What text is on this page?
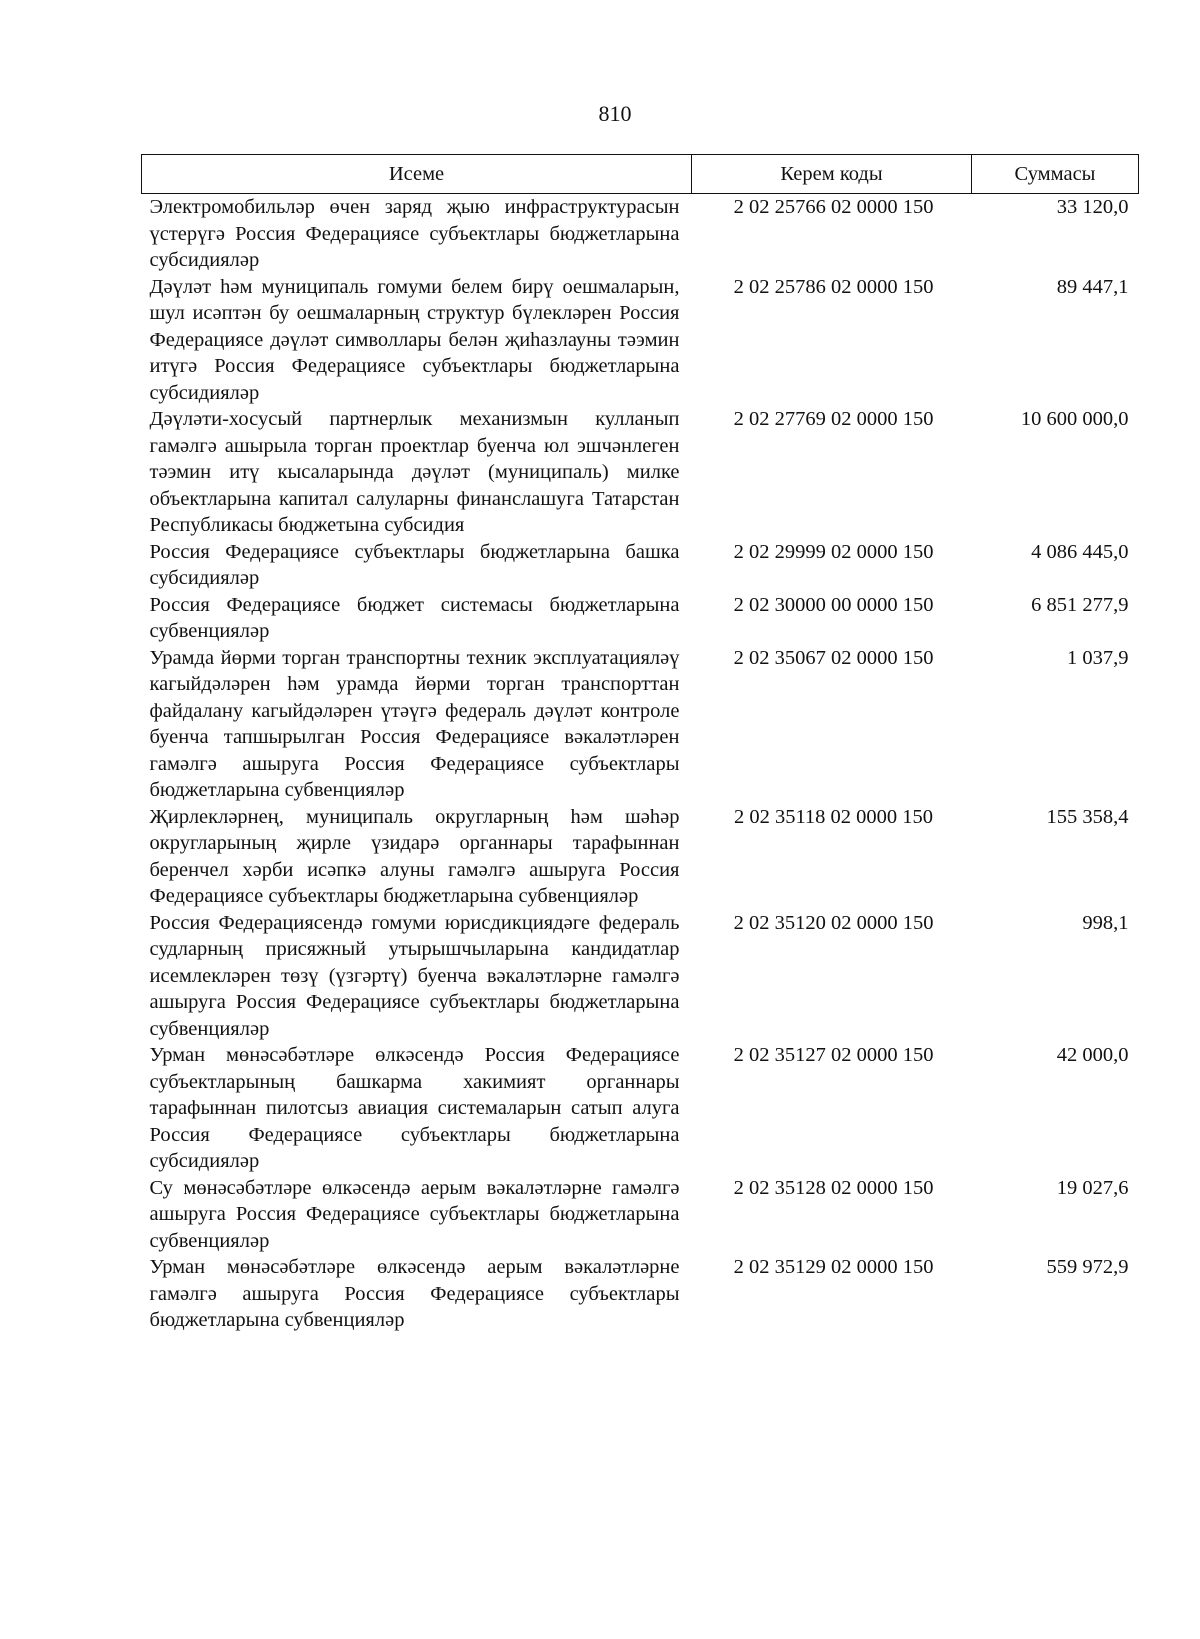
810
Исеме	Керем коды	Суммасы
Электромобильләр өчен заряд җыю инфраструктурасын үстерүгә Россия Федерациясе субъектлары бюджетларына субсидияләр	2 02 25766 02 0000 150	33 120,0
Дәүләт һәм муниципаль гомуми белем бирү оешмаларын, шул исәптән бу оешмаларның структур бүлекләрен Россия Федерациясе дәүләт символлары белән җиһазлауны тәэмин итүгә Россия Федерациясе субъектлары бюджетларына субсидияләр	2 02 25786 02 0000 150	89 447,1
Дәүләти-хосусый партнерлык механизмын кулланып гамәлгә ашырыла торган проектлар буенча юл эшчәнлеген тәэмин итү кысаларында дәүләт (муниципаль) милке объектларына капитал салуларны финанслашуга Татарстан Республикасы бюджетына субсидия	2 02 27769 02 0000 150	10 600 000,0
Россия Федерациясе субъектлары бюджетларына башка субсидияләр	2 02 29999 02 0000 150	4 086 445,0
Россия Федерациясе бюджет системасы бюджетларына субвенцияләр	2 02 30000 00 0000 150	6 851 277,9
Урамда йөрми торган транспортны техник эксплуатацияләү кагыйдәләрен һәм урамда йөрми торган транспорттан файдалану кагыйдәләрен үтәүгә федераль дәүләт контроле буенча тапшырылган Россия Федерациясе вәкаләтләрен гамәлгә ашыруга Россия Федерациясе субъектлары бюджетларына субвенцияләр	2 02 35067 02 0000 150	1 037,9
Җирлекләрнең, муниципаль округларның һәм шәһәр округларының җирле үзидарә органнары тарафыннан беренчел хәрби исәпкә алуны гамәлгә ашыруга Россия Федерациясе субъектлары бюджетларына субвенцияләр	2 02 35118 02 0000 150	155 358,4
Россия Федерациясендә гомуми юрисдикциядәге федераль судларның присяжный утырышчыларына кандидатлар исемлекләрен төзү (үзгәртү) буенча вәкаләтләрне гамәлгә ашыруга Россия Федерациясе субъектлары бюджетларына субвенцияләр	2 02 35120 02 0000 150	998,1
Урман мөнәсәбәтләре өлкәсендә Россия Федерациясе субъектларының башкарма хакимият органнары тарафыннан пилотсыз авиация системаларын сатып алуга Россия Федерациясе субъектлары бюджетларына субсидияләр	2 02 35127 02 0000 150	42 000,0
Су мөнәсәбәтләре өлкәсендә аерым вәкаләтләрне гамәлгә ашыруга Россия Федерациясе субъектлары бюджетларына субвенцияләр	2 02 35128 02 0000 150	19 027,6
Урман мөнәсәбәтләре өлкәсендә аерым вәкаләтләрне гамәлгә ашыруга Россия Федерациясе субъектлары бюджетларына субвенцияләр	2 02 35129 02 0000 150	559 972,9
